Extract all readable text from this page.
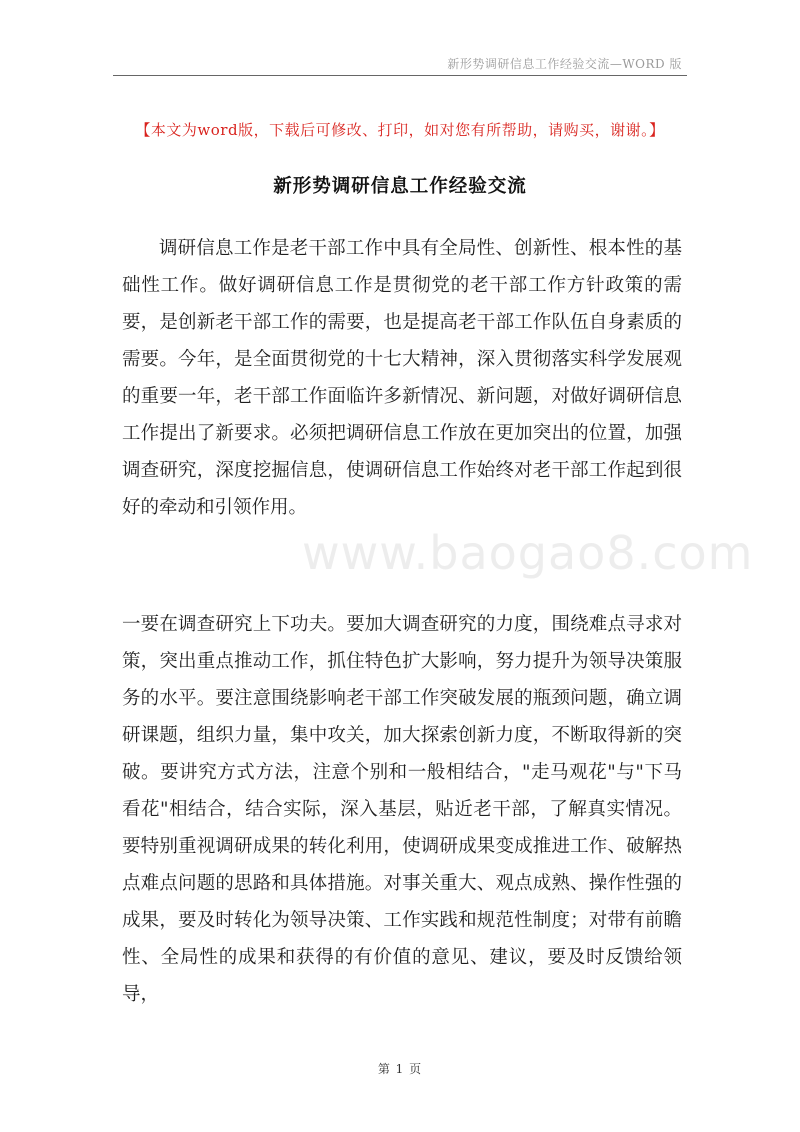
新形势调研信息工作经验交流—WORD 版
【本文为word版，下载后可修改、打印，如对您有所帮助，请购买，谢谢。】
新形势调研信息工作经验交流

调研信息工作是老干部工作中具有全局性、创新性、根本性的基础性工作。做好调研信息工作是贯彻党的老干部工作方针政策的需要，是创新老干部工作的需要，也是提高老干部工作队伍自身素质的需要。今年，是全面贯彻党的十七大精神，深入贯彻落实科学发展观的重要一年，老干部工作面临许多新情况、新问题，对做好调研信息工作提出了新要求。必须把调研信息工作放在更加突出的位置，加强调查研究，深度挖掘信息，使调研信息工作始终对老干部工作起到很好的牵动和引领作用。

www.baogao8.com

一要在调查研究上下功夫。要加大调查研究的力度，围绕难点寻求对策，突出重点推动工作，抓住特色扩大影响，努力提升为领导决策服务的水平。要注意围绕影响老干部工作突破发展的瓶颈问题，确立调研课题，组织力量，集中攻关，加大探索创新力度，不断取得新的突破。要讲究方式方法，注意个别和一般相结合，"走马观花"与"下马看花"相结合，结合实际，深入基层，贴近老干部，了解真实情况。要特别重视调研成果的转化利用，使调研成果变成推进工作、破解热点难点问题的思路和具体措施。对事关重大、观点成熟、操作性强的成果，要及时转化为领导决策、工作实践和规范性制度；对带有前瞻性、全局性的成果和获得的有价值的意见、建议，要及时反馈给领导，

第 1 页
